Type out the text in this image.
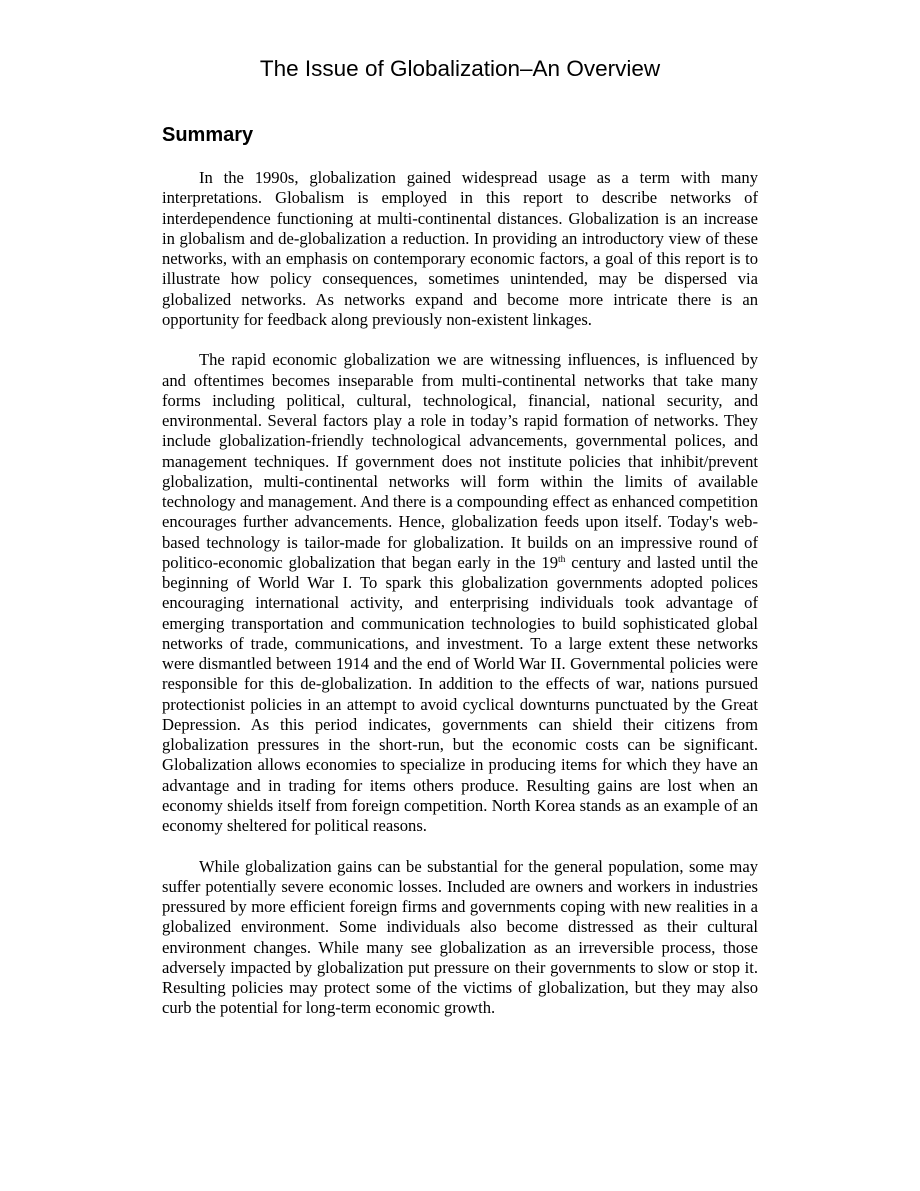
The Issue of Globalization–An Overview
Summary

In the 1990s, globalization gained widespread usage as a term with many interpretations. Globalism is employed in this report to describe networks of interdependence functioning at multi-continental distances. Globalization is an increase in globalism and de-globalization a reduction. In providing an introductory view of these networks, with an emphasis on contemporary economic factors, a goal of this report is to illustrate how policy consequences, sometimes unintended, may be dispersed via globalized networks. As networks expand and become more intricate there is an opportunity for feedback along previously non-existent linkages.

The rapid economic globalization we are witnessing influences, is influenced by and oftentimes becomes inseparable from multi-continental networks that take many forms including political, cultural, technological, financial, national security, and environmental. Several factors play a role in today’s rapid formation of networks. They include globalization-friendly technological advancements, governmental polices, and management techniques. If government does not institute policies that inhibit/prevent globalization, multi-continental networks will form within the limits of available technology and management. And there is a compounding effect as enhanced competition encourages further advancements. Hence, globalization feeds upon itself. Today's web-based technology is tailor-made for globalization. It builds on an impressive round of politico-economic globalization that began early in the 19th century and lasted until the beginning of World War I. To spark this globalization governments adopted polices encouraging international activity, and enterprising individuals took advantage of emerging transportation and communication technologies to build sophisticated global networks of trade, communications, and investment. To a large extent these networks were dismantled between 1914 and the end of World War II. Governmental policies were responsible for this de-globalization. In addition to the effects of war, nations pursued protectionist policies in an attempt to avoid cyclical downturns punctuated by the Great Depression. As this period indicates, governments can shield their citizens from globalization pressures in the short-run, but the economic costs can be significant. Globalization allows economies to specialize in producing items for which they have an advantage and in trading for items others produce. Resulting gains are lost when an economy shields itself from foreign competition. North Korea stands as an example of an economy sheltered for political reasons.

While globalization gains can be substantial for the general population, some may suffer potentially severe economic losses. Included are owners and workers in industries pressured by more efficient foreign firms and governments coping with new realities in a globalized environment. Some individuals also become distressed as their cultural environment changes. While many see globalization as an irreversible process, those adversely impacted by globalization put pressure on their governments to slow or stop it. Resulting policies may protect some of the victims of globalization, but they may also curb the potential for long-term economic growth.
